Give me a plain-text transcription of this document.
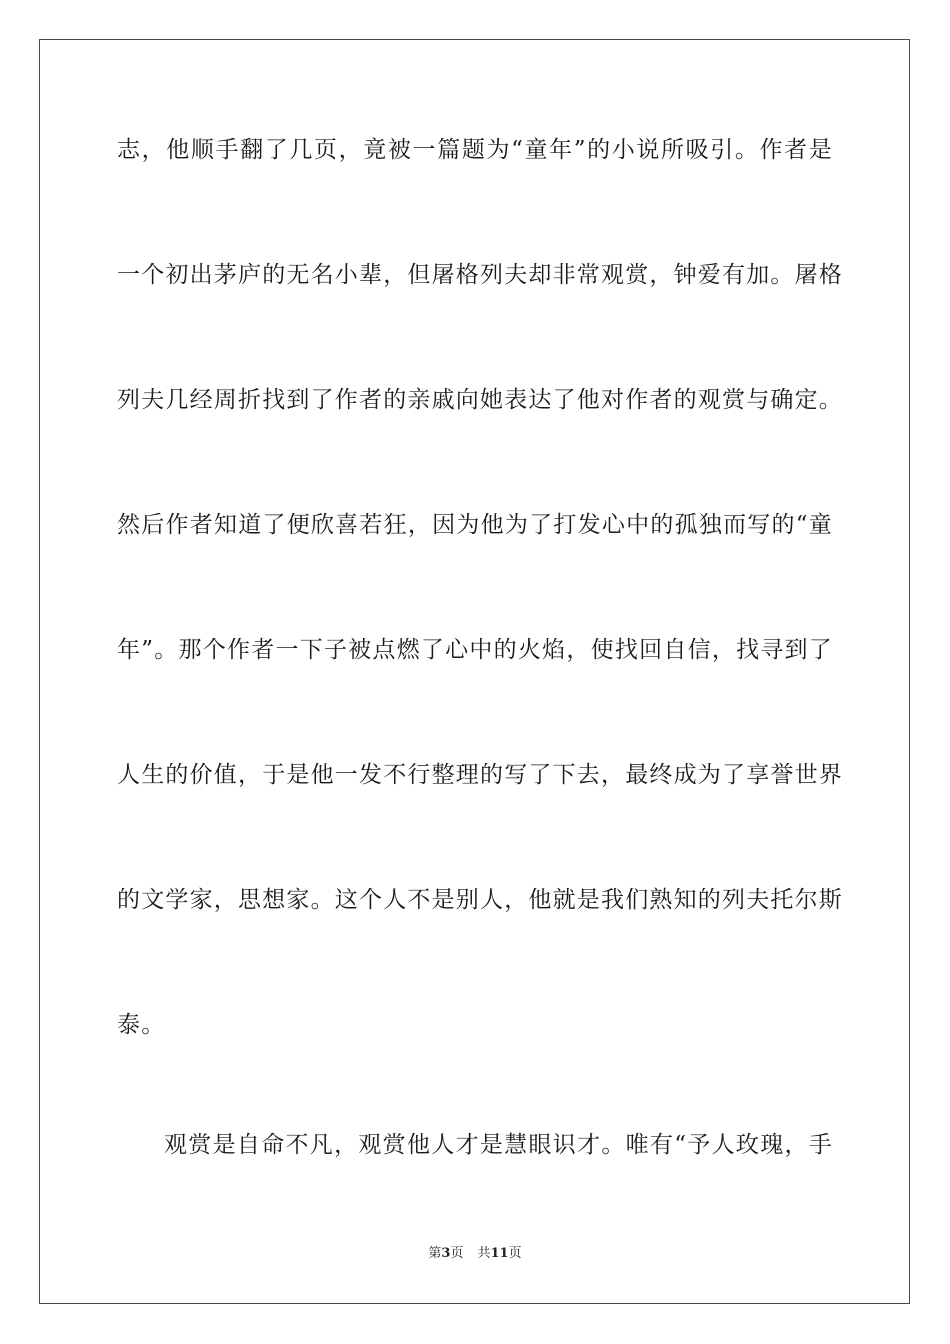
志，他顺手翻了几页，竟被一篇题为“童年”的小说所吸引。作者是
一个初出茅庐的无名小辈，但屠格列夫却非常观赏，钟爱有加。屠格
列夫几经周折找到了作者的亲戚向她表达了他对作者的观赏与确定。
然后作者知道了便欣喜若狂，因为他为了打发心中的孤独而写的“童
年”。那个作者一下子被点燃了心中的火焰，使找回自信，找寻到了
人生的价值，于是他一发不行整理的写了下去，最终成为了享誉世界
的文学家，思想家。这个人不是别人，他就是我们熟知的列夫托尔斯
泰。
观赏是自命不凡，观赏他人才是慧眼识才。唯有“予人玫瑰，手
第3页 共11页
